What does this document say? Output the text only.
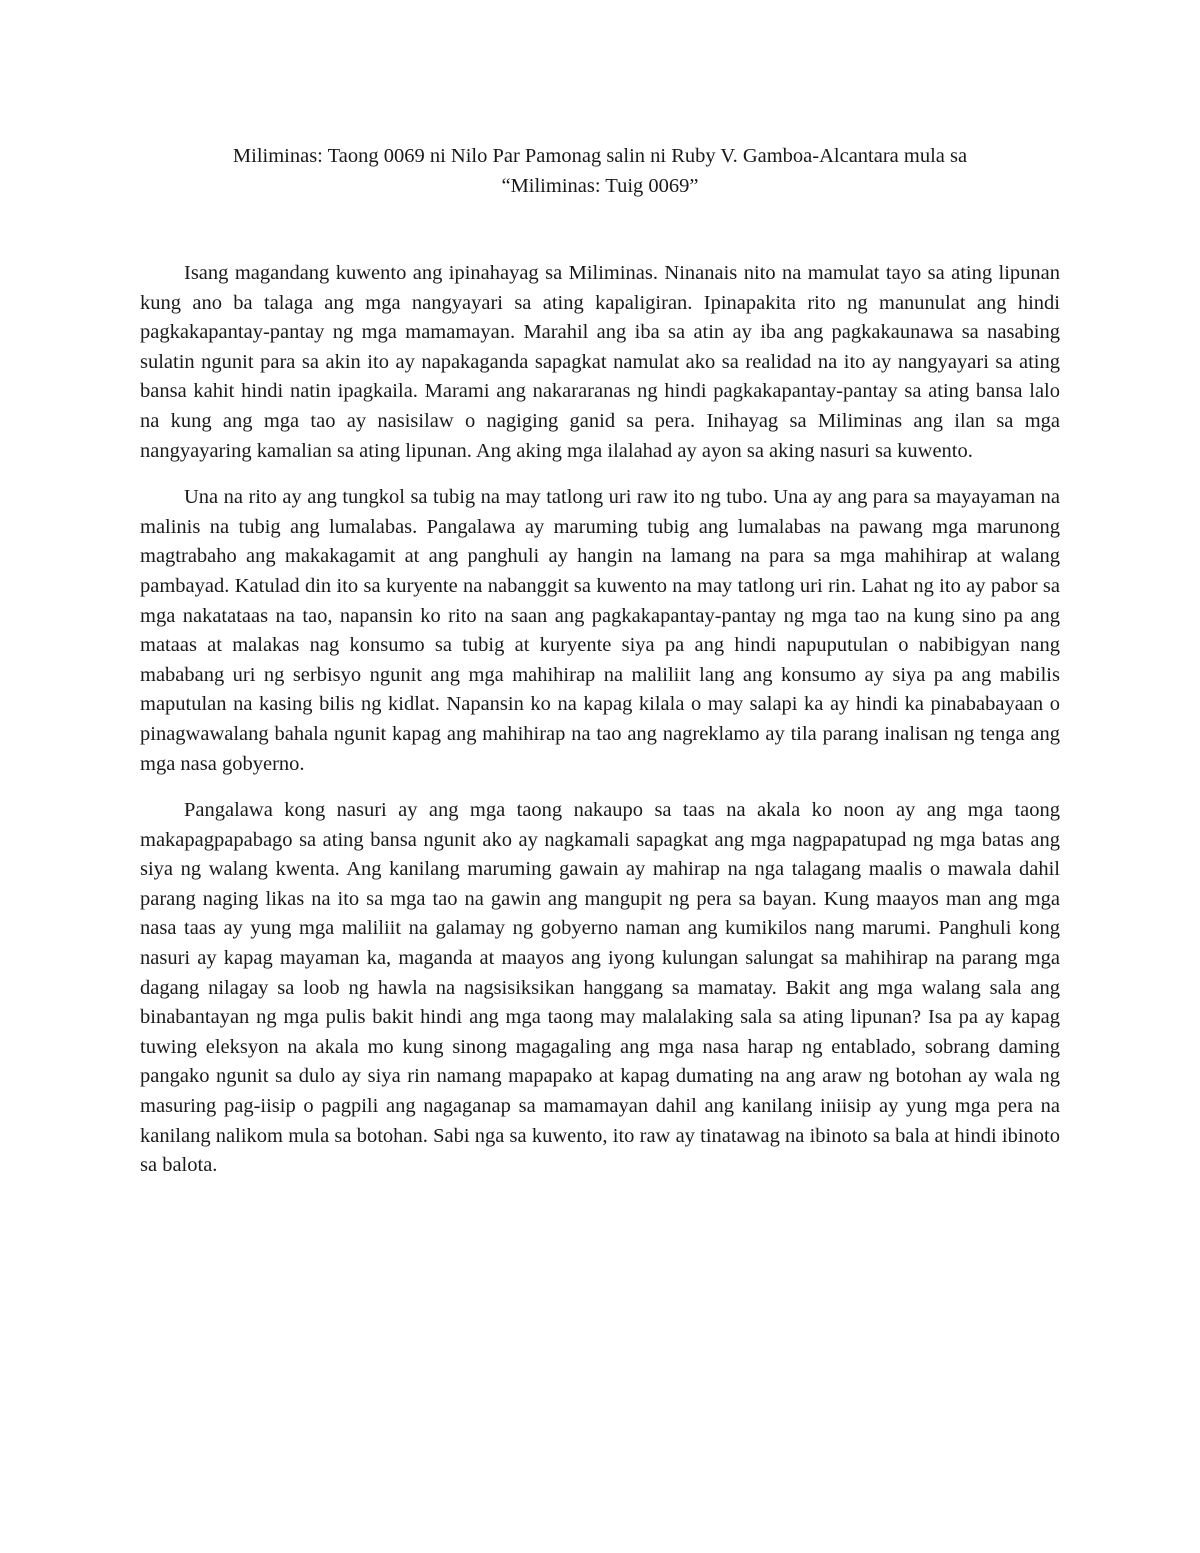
Miliminas: Taong 0069 ni Nilo Par Pamonag salin ni Ruby V. Gamboa-Alcantara mula sa
“Miliminas: Tuig 0069”

Isang magandang kuwento ang ipinahayag sa Miliminas. Ninanais nito na mamulat tayo sa ating lipunan kung ano ba talaga ang mga nangyayari sa ating kapaligiran. Ipinapakita rito ng manunulat ang hindi pagkakapantay-pantay ng mga mamamayan. Marahil ang iba sa atin ay iba ang pagkakaunawa sa nasabing sulatin ngunit para sa akin ito ay napakaganda sapagkat namulat ako sa realidad na ito ay nangyayari sa ating bansa kahit hindi natin ipagkaila. Marami ang nakararanas ng hindi pagkakapantay-pantay sa ating bansa lalo na kung ang mga tao ay nasisilaw o nagiging ganid sa pera. Inihayag sa Miliminas ang ilan sa mga nangyayaring kamalian sa ating lipunan. Ang aking mga ilalahad ay ayon sa aking nasuri sa kuwento.

Una na rito ay ang tungkol sa tubig na may tatlong uri raw ito ng tubo. Una ay ang para sa mayayaman na malinis na tubig ang lumalabas. Pangalawa ay maruming tubig ang lumalabas na pawang mga marunong magtrabaho ang makakagamit at ang panghuli ay hangin na lamang na para sa mga mahihirap at walang pambayad. Katulad din ito sa kuryente na nabanggit sa kuwento na may tatlong uri rin. Lahat ng ito ay pabor sa mga nakatataas na tao, napansin ko rito na saan ang pagkakapantay-pantay ng mga tao na kung sino pa ang mataas at malakas nag konsumo sa tubig at kuryente siya pa ang hindi napuputulan o nabibigyan nang mababang uri ng serbisyo ngunit ang mga mahihirap na maliliit lang ang konsumo ay siya pa ang mabilis maputulan na kasing bilis ng kidlat. Napansin ko na kapag kilala o may salapi ka ay hindi ka pinababayaan o pinagwawalang bahala ngunit kapag ang mahihirap na tao ang nagreklamo ay tila parang inalisan ng tenga ang mga nasa gobyerno.

Pangalawa kong nasuri ay ang mga taong nakaupo sa taas na akala ko noon ay ang mga taong makapagpapabago sa ating bansa ngunit ako ay nagkamali sapagkat ang mga nagpapatupad ng mga batas ang siya ng walang kwenta. Ang kanilang maruming gawain ay mahirap na nga talagang maalis o mawala dahil parang naging likas na ito sa mga tao na gawin ang mangupit ng pera sa bayan. Kung maayos man ang mga nasa taas ay yung mga maliliit na galamay ng gobyerno naman ang kumikilos nang marumi. Panghuli kong nasuri ay kapag mayaman ka, maganda at maayos ang iyong kulungan salungat sa mahihirap na parang mga dagang nilagay sa loob ng hawla na nagsisiksikan hanggang sa mamatay. Bakit ang mga walang sala ang binabantayan ng mga pulis bakit hindi ang mga taong may malalaking sala sa ating lipunan? Isa pa ay kapag tuwing eleksyon na akala mo kung sinong magagaling ang mga nasa harap ng entablado, sobrang daming pangako ngunit sa dulo ay siya rin namang mapapako at kapag dumating na ang araw ng botohan ay wala ng masuring pag-iisip o pagpili ang nagaganap sa mamamayan dahil ang kanilang iniisip ay yung mga pera na kanilang nalikom mula sa botohan. Sabi nga sa kuwento, ito raw ay tinatawag na ibinoto sa bala at hindi ibinoto sa balota.
